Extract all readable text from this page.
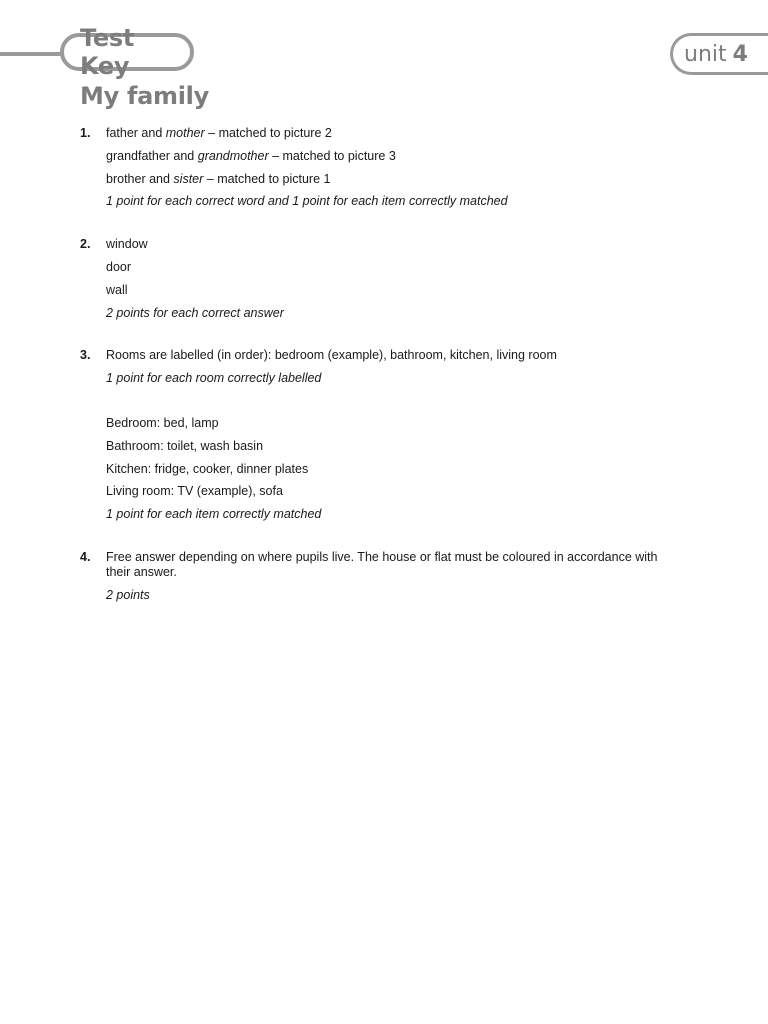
Test Key	unit 4
My family
1.	father and mother – matched to picture 2
grandfather and grandmother – matched to picture 3
brother and sister – matched to picture 1
1 point for each correct word and 1 point for each item correctly matched
2.	window
door
wall
2 points for each correct answer
3.	Rooms are labelled (in order): bedroom (example), bathroom, kitchen, living room
1 point for each room correctly labelled
Bedroom: bed, lamp
Bathroom: toilet, wash basin
Kitchen: fridge, cooker, dinner plates
Living room: TV (example), sofa
1 point for each item correctly matched
4.	Free answer depending on where pupils live. The house or flat must be coloured in accordance with their answer.
2 points
